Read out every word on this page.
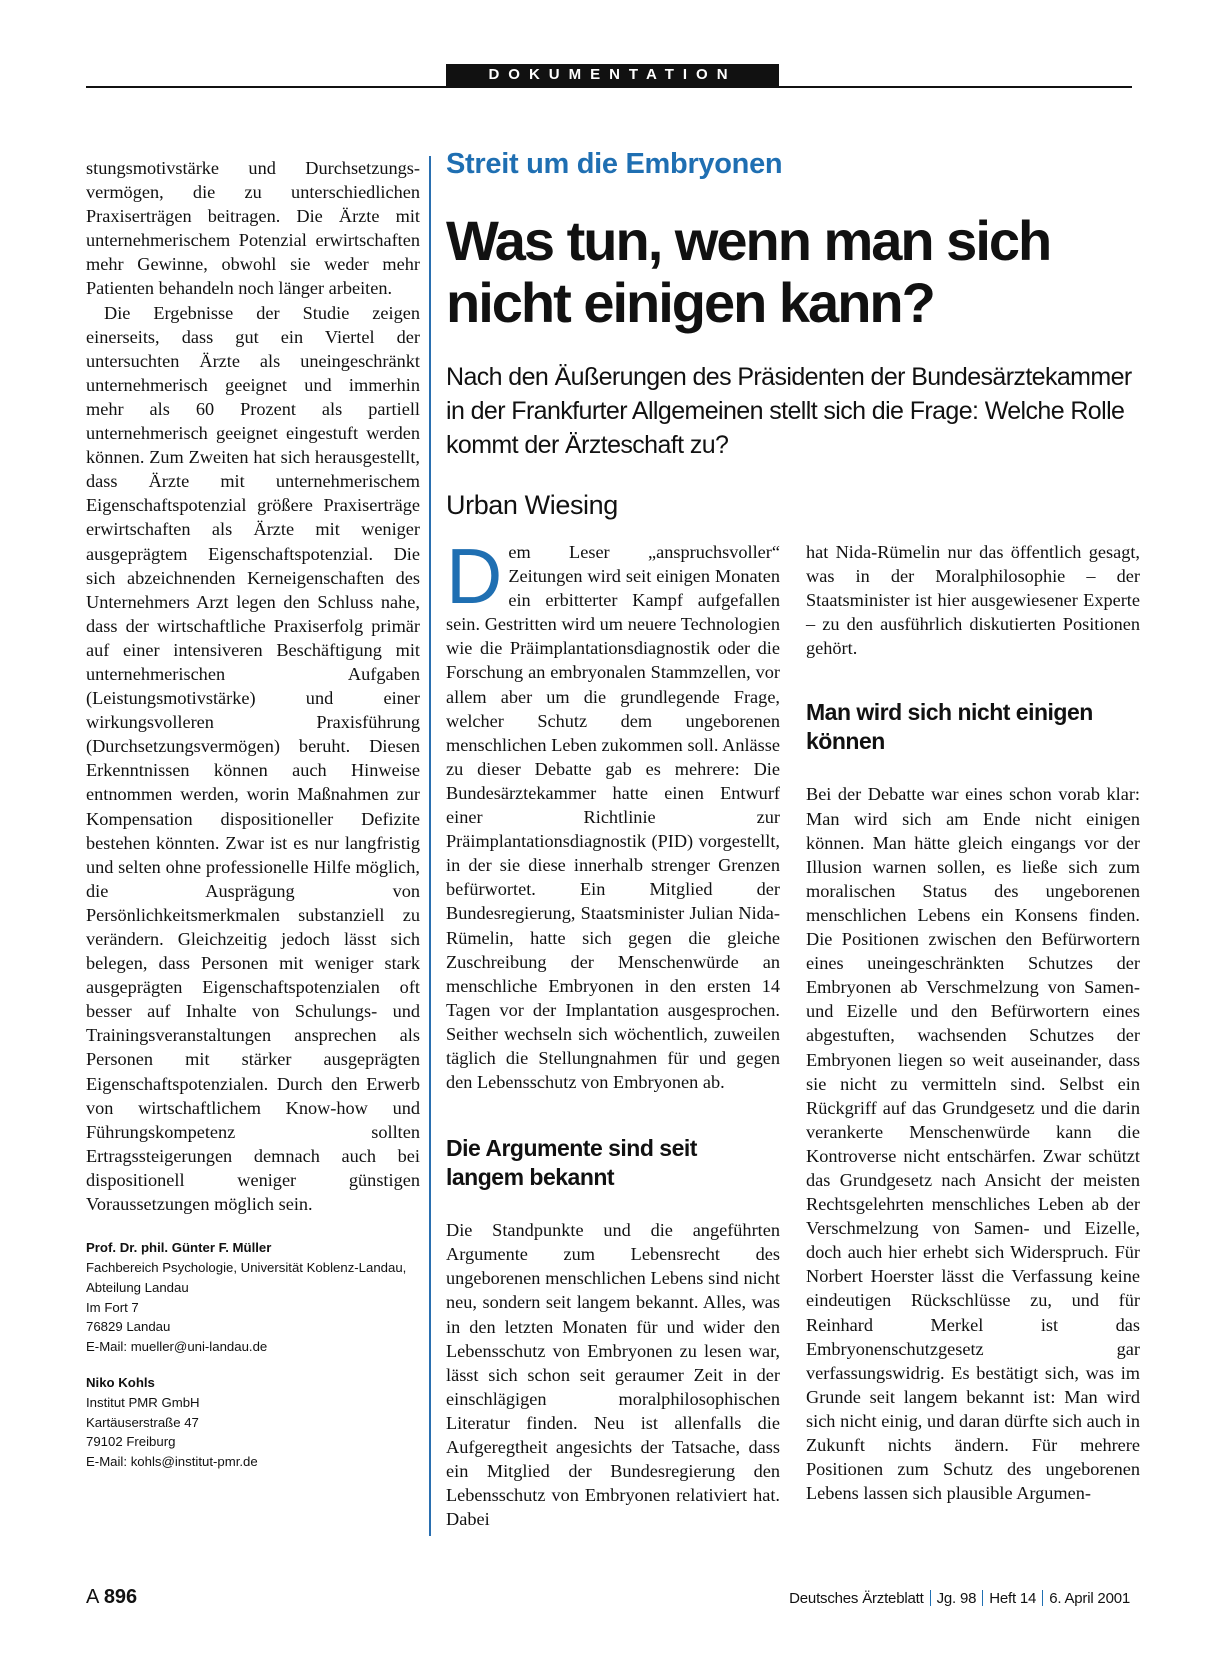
DOKUMENTATION

stungsmotivstärke und Durchsetzungs-vermögen, die zu unterschiedlichen Praxiserträgen beitragen. Die Ärzte mit unternehmerischem Potenzial erwirtschaften mehr Gewinne, obwohl sie weder mehr Patienten behandeln noch länger arbeiten.

Die Ergebnisse der Studie zeigen einerseits, dass gut ein Viertel der untersuchten Ärzte als uneingeschränkt unternehmerisch geeignet und immerhin mehr als 60 Prozent als partiell unternehmerisch geeignet eingestuft werden können. Zum Zweiten hat sich herausgestellt, dass Ärzte mit unternehmerischem Eigenschaftspotenzial größere Praxiserträge erwirtschaften als Ärzte mit weniger ausgeprägtem Eigenschaftspotenzial. Die sich abzeichnenden Kerneigenschaften des Unternehmers Arzt legen den Schluss nahe, dass der wirtschaftliche Praxiserfolg primär auf einer intensiveren Beschäftigung mit unternehmerischen Aufgaben (Leistungsmotivstärke) und einer wirkungsvolleren Praxisführung (Durchsetzungsvermögen) beruht. Diesen Erkenntnissen können auch Hinweise entnommen werden, worin Maßnahmen zur Kompensation dispositioneller Defizite bestehen könnten. Zwar ist es nur langfristig und selten ohne professionelle Hilfe möglich, die Ausprägung von Persönlichkeitsmerkmalen substanziell zu verändern. Gleichzeitig jedoch lässt sich belegen, dass Personen mit weniger stark ausgeprägten Eigenschaftspotenzialen oft besser auf Inhalte von Schulungs- und Trainingsveranstaltungen ansprechen als Personen mit stärker ausgeprägten Eigenschaftspotenzialen. Durch den Erwerb von wirtschaftlichem Know-how und Führungskompetenz sollten Ertragssteigerungen demnach auch bei dispositionell weniger günstigen Voraussetzungen möglich sein.

Prof. Dr. phil. Günter F. Müller
Fachbereich Psychologie, Universität Koblenz-Landau,
Abteilung Landau
Im Fort 7
76829 Landau
E-Mail: mueller@uni-landau.de
Niko Kohls
Institut PMR GmbH
Kartäuserstraße 47
79102 Freiburg
E-Mail: kohls@institut-pmr.de
Streit um die Embryonen
Was tun, wenn man sich
nicht einigen kann?

Nach den Äußerungen des Präsidenten der Bundesärztekammer in der Frankfurter Allgemeinen stellt sich die Frage: Welche Rolle kommt der Ärzteschaft zu?

Urban Wiesing

Dem Leser „anspruchsvoller“ Zeitungen wird seit einigen Monaten ein erbitterter Kampf aufgefallen sein. Gestritten wird um neuere Technologien wie die Präimplantationsdiagnostik oder die Forschung an embryonalen Stammzellen, vor allem aber um die grundlegende Frage, welcher Schutz dem ungeborenen menschlichen Leben zukommen soll. Anlässe zu dieser Debatte gab es mehrere: Die Bundesärztekammer hatte einen Entwurf einer Richtlinie zur Präimplantationsdiagnostik (PID) vorgestellt, in der sie diese innerhalb strenger Grenzen befürwortet. Ein Mitglied der Bundesregierung, Staatsminister Julian Nida-Rümelin, hatte sich gegen die gleiche Zuschreibung der Menschenwürde an menschliche Embryonen in den ersten 14 Tagen vor der Implantation ausgesprochen. Seither wechseln sich wöchentlich, zuweilen täglich die Stellungnahmen für und gegen den Lebensschutz von Embryonen ab.

Die Argumente sind seit langem bekannt

Die Standpunkte und die angeführten Argumente zum Lebensrecht des ungeborenen menschlichen Lebens sind nicht neu, sondern seit langem bekannt. Alles, was in den letzten Monaten für und wider den Lebensschutz von Embryonen zu lesen war, lässt sich schon seit geraumer Zeit in der einschlägigen moralphilosophischen Literatur finden. Neu ist allenfalls die Aufgeregtheit angesichts der Tatsache, dass ein Mitglied der Bundesregierung den Lebensschutz von Embryonen relativiert hat. Dabei

hat Nida-Rümelin nur das öffentlich gesagt, was in der Moralphilosophie – der Staatsminister ist hier ausgewiesener Experte – zu den ausführlich diskutierten Positionen gehört.

Man wird sich nicht einigen können

Bei der Debatte war eines schon vorab klar: Man wird sich am Ende nicht einigen können. Man hätte gleich eingangs vor der Illusion warnen sollen, es ließe sich zum moralischen Status des ungeborenen menschlichen Lebens ein Konsens finden. Die Positionen zwischen den Befürwortern eines uneingeschränkten Schutzes der Embryonen ab Verschmelzung von Samen- und Eizelle und den Befürwortern eines abgestuften, wachsenden Schutzes der Embryonen liegen so weit auseinander, dass sie nicht zu vermitteln sind. Selbst ein Rückgriff auf das Grundgesetz und die darin verankerte Menschenwürde kann die Kontroverse nicht entschärfen. Zwar schützt das Grundgesetz nach Ansicht der meisten Rechtsgelehrten menschliches Leben ab der Verschmelzung von Samen- und Eizelle, doch auch hier erhebt sich Widerspruch. Für Norbert Hoerster lässt die Verfassung keine eindeutigen Rückschlüsse zu, und für Reinhard Merkel ist das Embryonenschutzgesetz gar verfassungswidrig. Es bestätigt sich, was im Grunde seit langem bekannt ist: Man wird sich nicht einig, und daran dürfte sich auch in Zukunft nichts ändern. Für mehrere Positionen zum Schutz des ungeborenen Lebens lassen sich plausible Argumen-

A 896	Deutsches Ärzteblatt Jg. 98 Heft 14 6. April 2001
